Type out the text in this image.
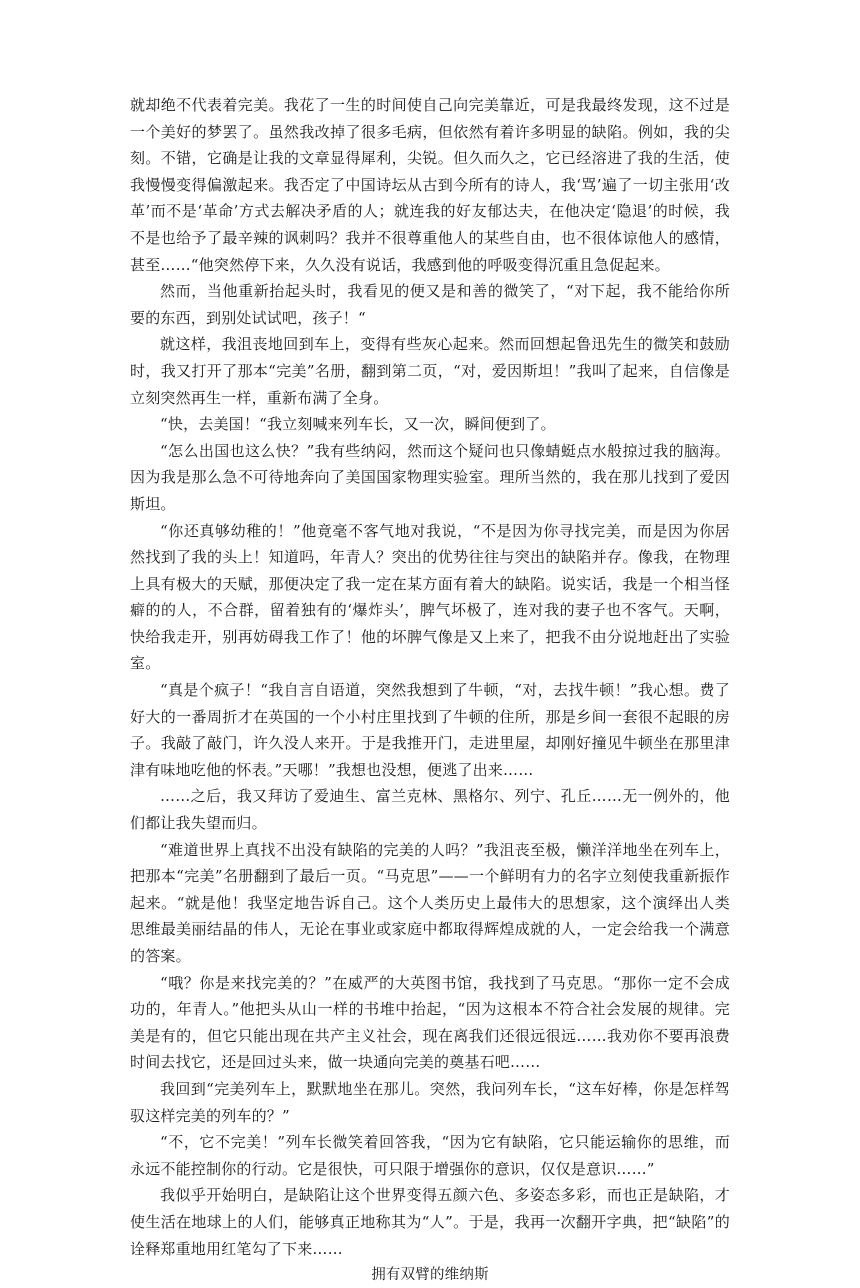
就却绝不代表着完美。我花了一生的时间使自己向完美靠近，可是我最终发现，这不过是一个美好的梦罢了。虽然我改掉了很多毛病，但依然有着许多明显的缺陷。例如，我的尖刻。不错，它确是让我的文章显得犀利，尖锐。但久而久之，它已经溶进了我的生活，使我慢慢变得偏激起来。我否定了中国诗坛从古到今所有的诗人，我‘骂’遍了一切主张用‘改革’而不是‘革命’方式去解决矛盾的人；就连我的好友郁达夫，在他决定‘隐退’的时候，我不是也给予了最辛辣的讽刺吗？我并不很尊重他人的某些自由，也不很体谅他人的感情，甚至……“他突然停下来，久久没有说话，我感到他的呼吸变得沉重且急促起来。

然而，当他重新抬起头时，我看见的便又是和善的微笑了，“对下起，我不能给你所要的东西，到别处试试吧，孩子！“

就这样，我沮丧地回到车上，变得有些灰心起来。然而回想起鲁迅先生的微笑和鼓励时，我又打开了那本“完美”名册，翻到第二页，“对，爱因斯坦！”我叫了起来，自信像是立刻突然再生一样，重新布满了全身。

“快，去美国！“我立刻喊来列车长，又一次，瞬间便到了。

“怎么出国也这么快？”我有些纳闷，然而这个疑问也只像蜻蜓点水般掠过我的脑海。因为我是那么急不可待地奔向了美国国家物理实验室。理所当然的，我在那儿找到了爱因斯坦。

“你还真够幼稚的！”他竟毫不客气地对我说，“不是因为你寻找完美，而是因为你居然找到了我的头上！知道吗，年青人？突出的优势往往与突出的缺陷并存。像我，在物理上具有极大的天赋，那便决定了我一定在某方面有着大的缺陷。说实话，我是一个相当怪癖的的人，不合群，留着独有的‘爆炸头’，脾气坏极了，连对我的妻子也不客气。天啊，快给我走开，别再妨碍我工作了！他的坏脾气像是又上来了，把我不由分说地赶出了实验室。

“真是个疯子！“我自言自语道，突然我想到了牛顿，“对，去找牛顿！”我心想。费了好大的一番周折才在英国的一个小村庄里找到了牛顿的住所，那是乡间一套很不起眼的房子。我敲了敲门，许久没人来开。于是我推开门，走进里屋，却刚好撞见牛顿坐在那里津津有味地吃他的怀表。”天哪！”我想也没想，便逃了出来……

……之后，我又拜访了爱迪生、富兰克林、黑格尔、列宁、孔丘……无一例外的，他们都让我失望而归。

“难道世界上真找不出没有缺陷的完美的人吗？”我沮丧至极，懒洋洋地坐在列车上，把那本“完美”名册翻到了最后一页。“马克思”——一个鲜明有力的名字立刻使我重新振作起来。“就是他！我坚定地告诉自己。这个人类历史上最伟大的思想家，这个演绎出人类思维最美丽结晶的伟人，无论在事业或家庭中都取得辉煌成就的人，一定会给我一个满意的答案。

“哦？你是来找完美的？”在威严的大英图书馆，我找到了马克思。“那你一定不会成功的，年青人。”他把头从山一样的书堆中抬起，“因为这根本不符合社会发展的规律。完美是有的，但它只能出现在共产主义社会，现在离我们还很远很远……我劝你不要再浪费时间去找它，还是回过头来，做一块通向完美的奠基石吧……

我回到“完美列车上，默默地坐在那儿。突然，我问列车长，“这车好棒，你是怎样驾驭这样完美的列车的？”

“不，它不完美！”列车长微笑着回答我，“因为它有缺陷，它只能运输你的思维，而永远不能控制你的行动。它是很快，可只限于增强你的意识，仅仅是意识……”

我似乎开始明白，是缺陷让这个世界变得五颜六色、多姿态多彩，而也正是缺陷，才使生活在地球上的人们，能够真正地称其为“人”。于是，我再一次翻开字典，把“缺陷”的诠释郑重地用红笔勾了下来……

拥有双臂的维纳斯
